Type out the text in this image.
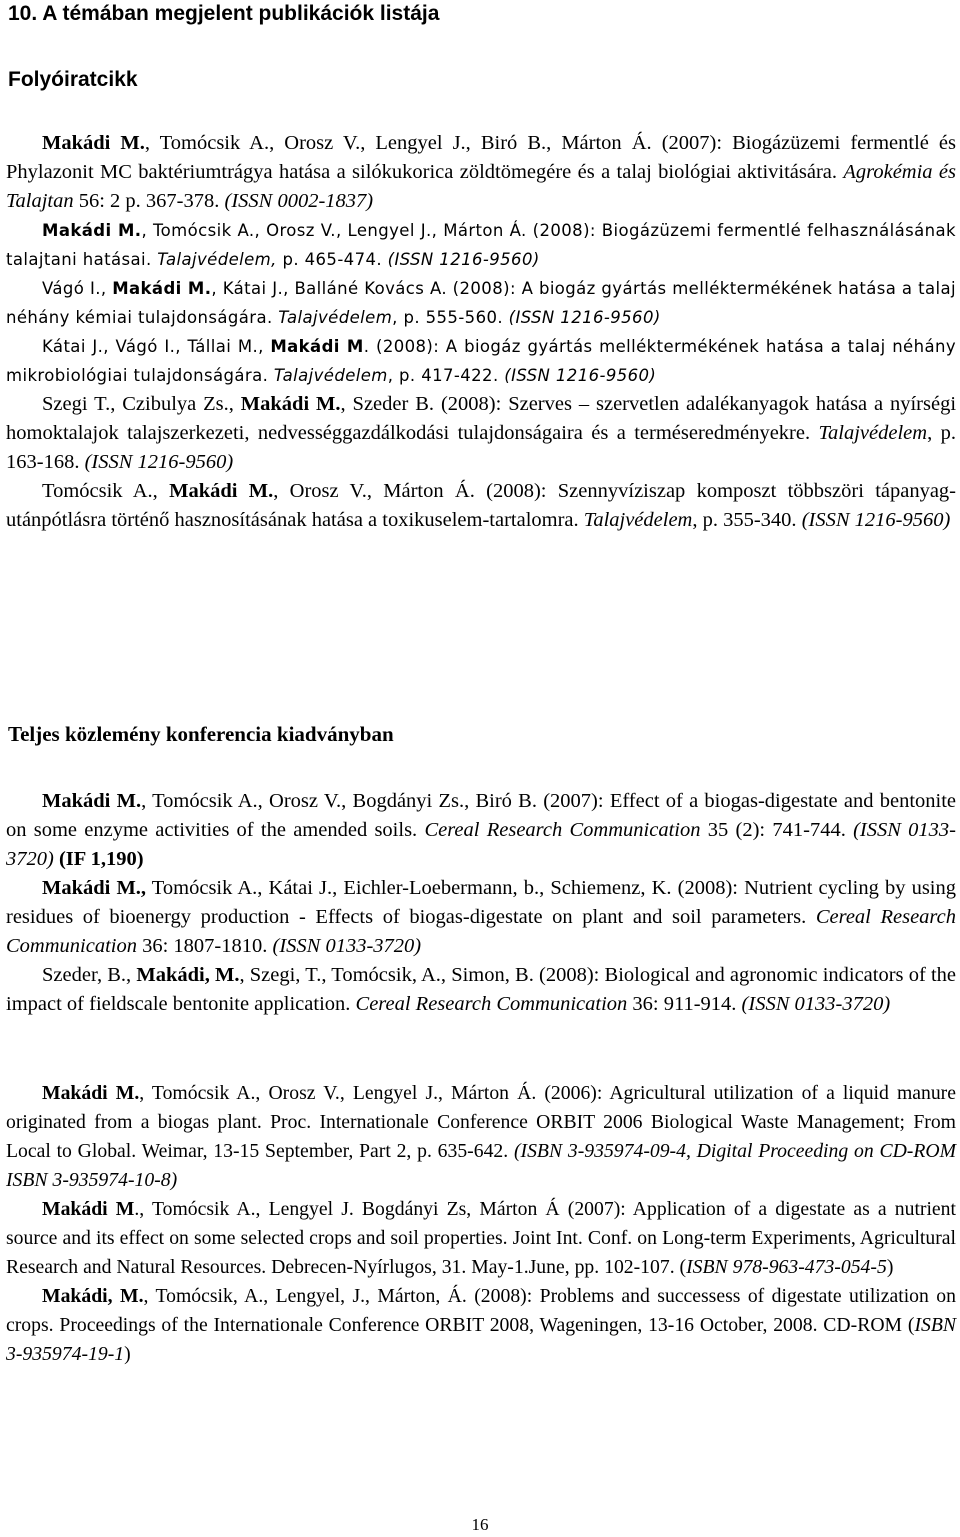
10. A témában megjelent publikációk listája
Folyóiratcikk

Makádi M., Tomócsik A., Orosz V., Lengyel J., Biró B., Márton Á. (2007): Biogázüzemi fermentlé és Phylazonit MC baktériumtrágya hatása a silókukorica zöldtömegére és a talaj biológiai aktivitására. Agrokémia és Talajtan 56: 2 p. 367-378. (ISSN 0002-1837)

Makádi M., Tomócsik A., Orosz V., Lengyel J., Márton Á. (2008): Biogázüzemi fermentlé felhasználásának talajtani hatásai. Talajvédelem, p. 465-474. (ISSN 1216-9560)

Vágó I., Makádi M., Kátai J., Balláné Kovács A. (2008): A biogáz gyártás melléktermékének hatása a talaj néhány kémiai tulajdonságára. Talajvédelem, p. 555-560. (ISSN 1216-9560)

Kátai J., Vágó I., Tállai M., Makádi M. (2008): A biogáz gyártás melléktermékének hatása a talaj néhány mikrobiológiai tulajdonságára. Talajvédelem, p. 417-422. (ISSN 1216-9560)

Szegi T., Czibulya Zs., Makádi M., Szeder B. (2008): Szerves – szervetlen adalékanyagok hatása a nyírségi homoktalajok talajszerkezeti, nedvességgazdálkodási tulajdonságaira és a terméseredményekre. Talajvédelem, p. 163-168. (ISSN 1216-9560)

Tomócsik A., Makádi M., Orosz V., Márton Á. (2008): Szennyvíziszap komposzt többszöri tápanyag-utánpótlásra történő hasznosításának hatása a toxikuselem-tartalomra. Talajvédelem, p. 355-340. (ISSN 1216-9560)

Teljes közlemény konferencia kiadványban

Makádi M., Tomócsik A., Orosz V., Bogdányi Zs., Biró B. (2007): Effect of a biogas-digestate and bentonite on some enzyme activities of the amended soils. Cereal Research Communication 35 (2): 741-744. (ISSN 0133-3720) (IF 1,190)

Makádi M., Tomócsik A., Kátai J., Eichler-Loebermann, b., Schiemenz, K. (2008): Nutrient cycling by using residues of bioenergy production - Effects of biogas-digestate on plant and soil parameters. Cereal Research Communication 36: 1807-1810. (ISSN 0133-3720)

Szeder, B., Makádi, M., Szegi, T., Tomócsik, A., Simon, B. (2008): Biological and agronomic indicators of the impact of fieldscale bentonite application. Cereal Research Communication 36: 911-914. (ISSN 0133-3720)

Makádi M., Tomócsik A., Orosz V., Lengyel J., Márton Á. (2006): Agricultural utilization of a liquid manure originated from a biogas plant. Proc. Internationale Conference ORBIT 2006 Biological Waste Management; From Local to Global. Weimar, 13-15 September, Part 2, p. 635-642. (ISBN 3-935974-09-4, Digital Proceeding on CD-ROM ISBN 3-935974-10-8)

Makádi M., Tomócsik A., Lengyel J. Bogdányi Zs, Márton Á (2007): Application of a digestate as a nutrient source and its effect on some selected crops and soil properties. Joint Int. Conf. on Long-term Experiments, Agricultural Research and Natural Resources. Debrecen-Nyírlugos, 31. May-1.June, pp. 102-107. (ISBN 978-963-473-054-5)

Makádi, M., Tomócsik, A., Lengyel, J., Márton, Á. (2008): Problems and successess of digestate utilization on crops. Proceedings of the Internationale Conference ORBIT 2008, Wageningen, 13-16 October, 2008. CD-ROM (ISBN 3-935974-19-1)

16
